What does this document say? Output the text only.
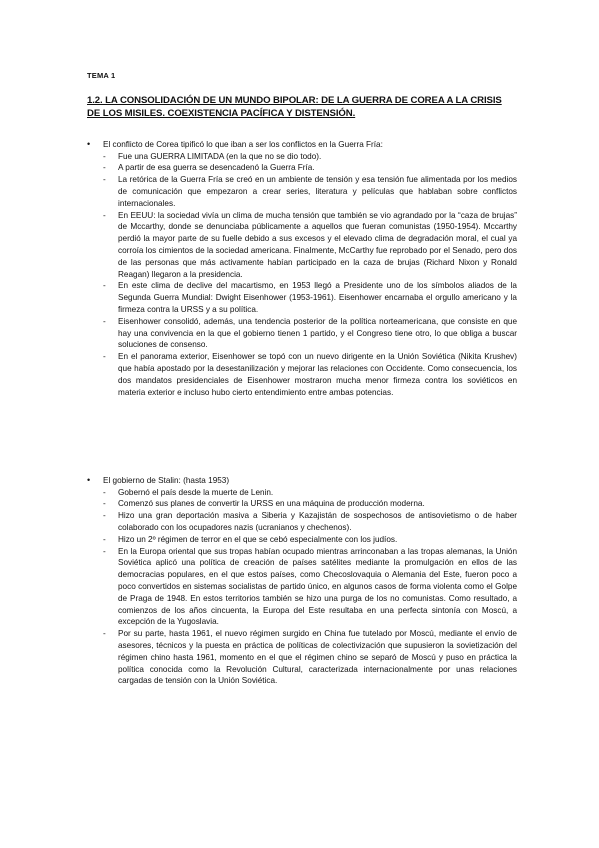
TEMA 1
1.2. LA CONSOLIDACIÓN DE UN MUNDO BIPOLAR: DE LA GUERRA DE COREA A LA CRISIS DE LOS MISILES. COEXISTENCIA PACÍFICA Y DISTENSIÓN.
• El conflicto de Corea tipificó lo que iban a ser los conflictos en la Guerra Fría:
- Fue una GUERRA LIMITADA (en la que no se dio todo).
- A partir de esa guerra se desencadenó la Guerra Fría.
- La retórica de la Guerra Fría se creó en un ambiente de tensión y esa tensión fue alimentada por los medios de comunicación que empezaron a crear series, literatura y películas que hablaban sobre conflictos internacionales.
- En EEUU: la sociedad vivía un clima de mucha tensión que también se vio agrandado por la “caza de brujas” de Mccarthy, donde se denunciaba públicamente a aquellos que fueran comunistas (1950-1954). Mccarthy perdió la mayor parte de su fuelle debido a sus excesos y el elevado clima de degradación moral, el cual ya corroía los cimientos de la sociedad americana. Finalmente, McCarthy fue reprobado por el Senado, pero dos de las personas que más activamente habían participado en la caza de brujas (Richard Nixon y Ronald Reagan) llegaron a la presidencia.
- En este clima de declive del macartismo, en 1953 llegó a Presidente uno de los símbolos aliados de la Segunda Guerra Mundial: Dwight Eisenhower (1953-1961). Eisenhower encarnaba el orgullo americano y la firmeza contra la URSS y a su política.
- Eisenhower consolidó, además, una tendencia posterior de la política norteamericana, que consiste en que hay una convivencia en la que el gobierno tienen 1 partido, y el Congreso tiene otro, lo que obliga a buscar soluciones de consenso.
- En el panorama exterior, Eisenhower se topó con un nuevo dirigente en la Unión Soviética (Nikita Krushev) que había apostado por la desestanilización y mejorar las relaciones con Occidente. Como consecuencia, los dos mandatos presidenciales de Eisenhower mostraron mucha menor firmeza contra los soviéticos en materia exterior e incluso hubo cierto entendimiento entre ambas potencias.
• El gobierno de Stalin: (hasta 1953)
- Gobernó el país desde la muerte de Lenin.
- Comenzó sus planes de convertir la URSS en una máquina de producción moderna.
- Hizo una gran deportación masiva a Siberia y Kazajistán de sospechosos de antisovietismo o de haber colaborado con los ocupadores nazis (ucranianos y chechenos).
- Hizo un 2º régimen de terror en el que se cebó especialmente con los judíos.
- En la Europa oriental que sus tropas habían ocupado mientras arrinconaban a las tropas alemanas, la Unión Soviética aplicó una política de creación de países satélites mediante la promulgación en ellos de las democracias populares, en el que estos países, como Checoslovaquia o Alemania del Este, fueron poco a poco convertidos en sistemas socialistas de partido único, en algunos casos de forma violenta como el Golpe de Praga de 1948. En estos territorios también se hizo una purga de los no comunistas. Como resultado, a comienzos de los años cincuenta, la Europa del Este resultaba en una perfecta sintonía con Moscú, a excepción de la Yugoslavia.
- Por su parte, hasta 1961, el nuevo régimen surgido en China fue tutelado por Moscú, mediante el envío de asesores, técnicos y la puesta en práctica de políticas de colectivización que supusieron la sovietización del régimen chino hasta 1961, momento en el que el régimen chino se separó de Moscú y puso en práctica la política conocida como la Revolución Cultural, caracterizada internacionalmente por unas relaciones cargadas de tensión con la Unión Soviética.
